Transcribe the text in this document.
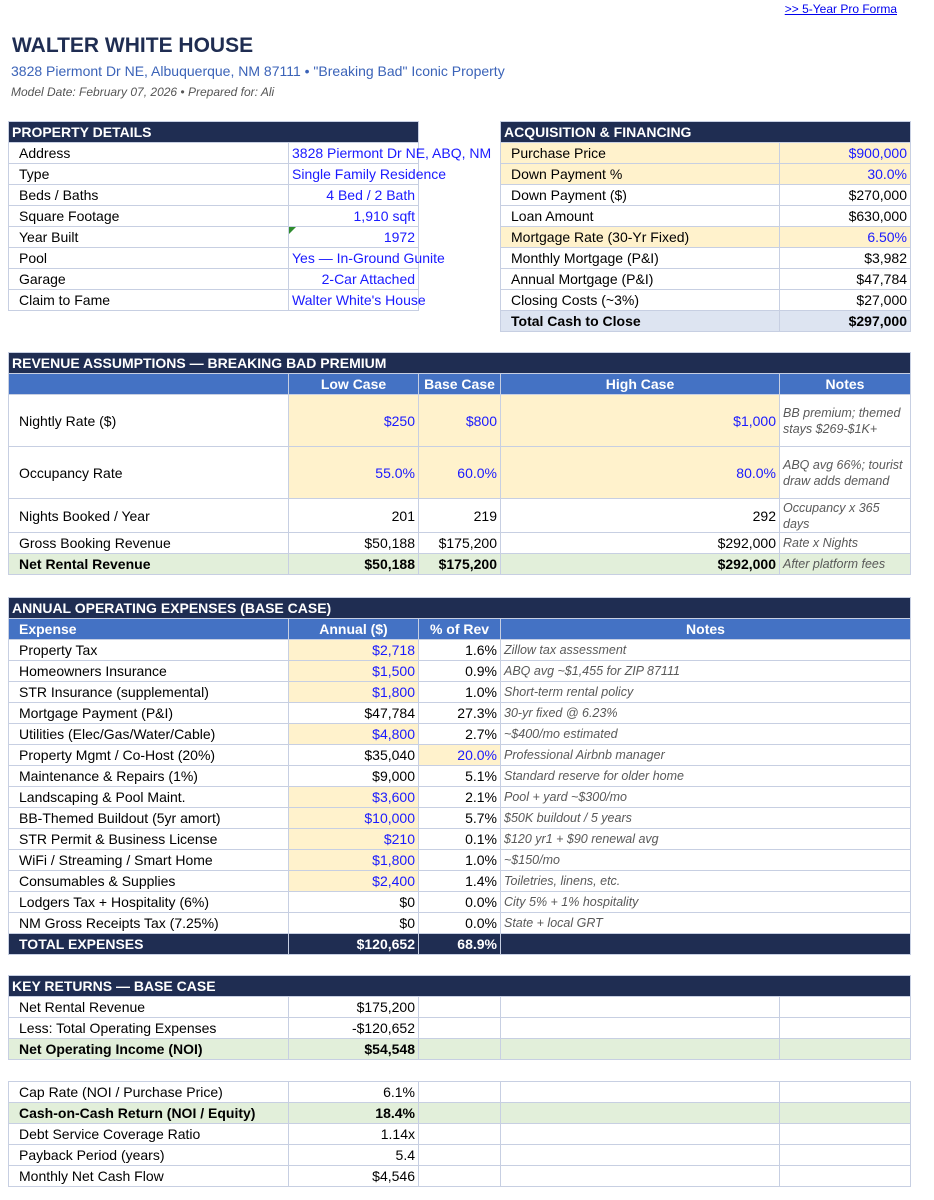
>> 5-Year Pro Forma
WALTER WHITE HOUSE
3828 Piermont Dr NE, Albuquerque, NM 87111 • "Breaking Bad" Iconic Property
Model Date: February 07, 2026 • Prepared for: Ali
PROPERTY DETAILS	
Address	3828 Piermont Dr NE, ABQ, NM
Type	Single Family Residence
Beds / Baths	4 Bed / 2 Bath
Square Footage	1,910 sqft
Year Built	1972
Pool	Yes — In-Ground Gunite
Garage	2-Car Attached
Claim to Fame	Walter White's House
ACQUISITION & FINANCING	
Purchase Price	$900,000
Down Payment %	30.0%
Down Payment ($)	$270,000
Loan Amount	$630,000
Mortgage Rate (30-Yr Fixed)	6.50%
Monthly Mortgage (P&I)	$3,982
Annual Mortgage (P&I)	$47,784
Closing Costs (~3%)	$27,000
Total Cash to Close	$297,000
REVENUE ASSUMPTIONS — BREAKING BAD PREMIUM				
	Low Case	Base Case	High Case	Notes
Nightly Rate ($)	$250	$800	$1,000	BB premium; themed stays $269-$1K+
Occupancy Rate	55.0%	60.0%	80.0%	ABQ avg 66%; tourist draw adds demand
Nights Booked / Year	201	219	292	Occupancy x 365 days
Gross Booking Revenue	$50,188	$175,200	$292,000	Rate x Nights
Net Rental Revenue	$50,188	$175,200	$292,000	After platform fees
ANNUAL OPERATING EXPENSES (BASE CASE)			
Expense	Annual ($)	% of Rev	Notes
Property Tax	$2,718	1.6%	Zillow tax assessment
Homeowners Insurance	$1,500	0.9%	ABQ avg ~$1,455 for ZIP 87111
STR Insurance (supplemental)	$1,800	1.0%	Short-term rental policy
Mortgage Payment (P&I)	$47,784	27.3%	30-yr fixed @ 6.23%
Utilities (Elec/Gas/Water/Cable)	$4,800	2.7%	~$400/mo estimated
Property Mgmt / Co-Host (20%)	$35,040	20.0%	Professional Airbnb manager
Maintenance & Repairs (1%)	$9,000	5.1%	Standard reserve for older home
Landscaping & Pool Maint.	$3,600	2.1%	Pool + yard ~$300/mo
BB-Themed Buildout (5yr amort)	$10,000	5.7%	$50K buildout / 5 years
STR Permit & Business License	$210	0.1%	$120 yr1 + $90 renewal avg
WiFi / Streaming / Smart Home	$1,800	1.0%	~$150/mo
Consumables & Supplies	$2,400	1.4%	Toiletries, linens, etc.
Lodgers Tax + Hospitality (6%)	$0	0.0%	City 5% + 1% hospitality
NM Gross Receipts Tax (7.25%)	$0	0.0%	State + local GRT
TOTAL EXPENSES	$120,652	68.9%	
KEY RETURNS — BASE CASE				
Net Rental Revenue	$175,200			
Less: Total Operating Expenses	-$120,652			
Net Operating Income (NOI)	$54,548			
Cap Rate (NOI / Purchase Price)	6.1%			
Cash-on-Cash Return (NOI / Equity)	18.4%			
Debt Service Coverage Ratio	1.14x			
Payback Period (years)	5.4			
Monthly Net Cash Flow	$4,546			
